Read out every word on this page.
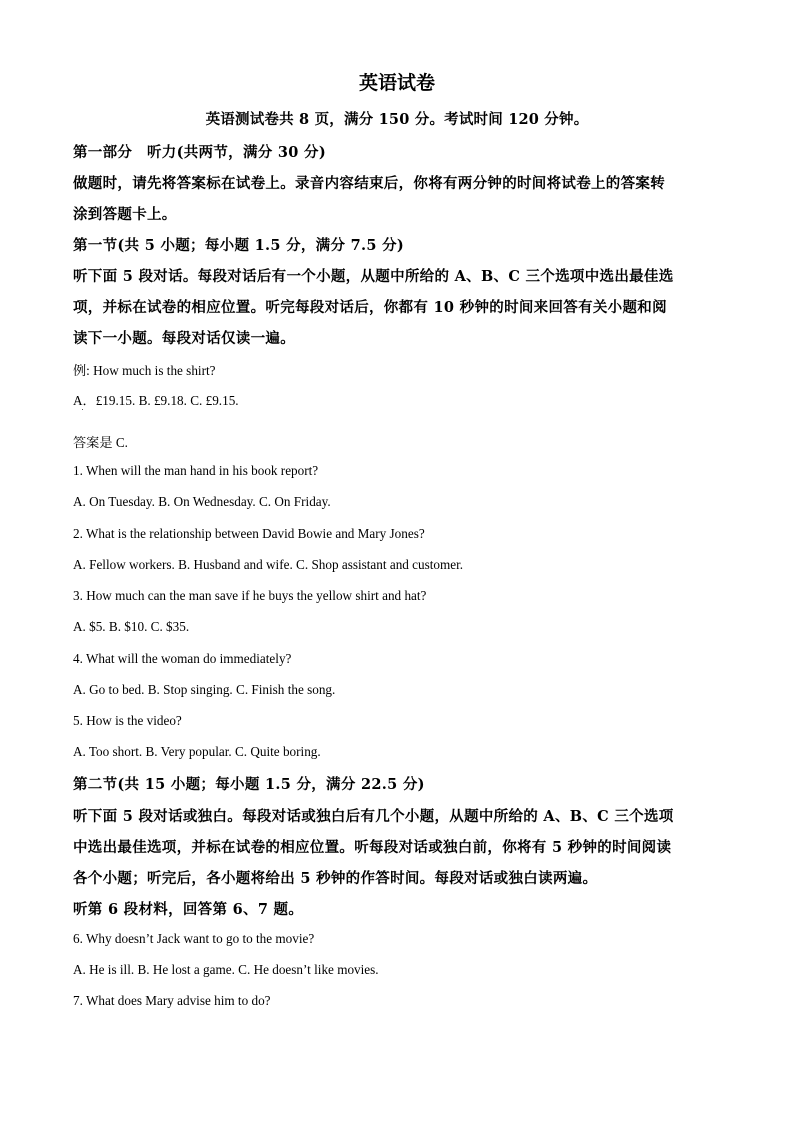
英语试卷
英语测试卷共 8 页，满分 150 分。考试时间 120 分钟。
第一部分　听力(共两节，满分 30 分)
做题时，请先将答案标在试卷上。录音内容结束后，你将有两分钟的时间将试卷上的答案转
涂到答题卡上。
第一节(共 5 小题；每小题 1.5 分，满分 7.5 分)
听下面 5 段对话。每段对话后有一个小题，从题中所给的 A、B、C 三个选项中选出最佳选
项，并标在试卷的相应位置。听完每段对话后，你都有 10 秒钟的时间来回答有关小题和阅
读下一小题。每段对话仅读一遍。
例: How much is the shirt?
A．£19.15. B. £9.18. C. £9.15.
答案是 C.
1. When will the man hand in his book report?
A. On Tuesday. B. On Wednesday. C. On Friday.
2. What is the relationship between David Bowie and Mary Jones?
A. Fellow workers. B. Husband and wife. C. Shop assistant and customer.
3. How much can the man save if he buys the yellow shirt and hat?
A. $5. B. $10. C. $35.
4. What will the woman do immediately?
A. Go to bed. B. Stop singing. C. Finish the song.
5. How is the video?
A. Too short. B. Very popular. C. Quite boring.
第二节(共 15 小题；每小题 1.5 分，满分 22.5 分)
听下面 5 段对话或独白。每段对话或独白后有几个小题，从题中所给的 A、B、C 三个选项
中选出最佳选项，并标在试卷的相应位置。听每段对话或独白前，你将有 5 秒钟的时间阅读
各个小题；听完后，各小题将给出 5 秒钟的作答时间。每段对话或独白读两遍。
听第 6 段材料，回答第 6、7 题。
6. Why doesn’t Jack want to go to the movie?
A. He is ill. B. He lost a game. C. He doesn’t like movies.
7. What does Mary advise him to do?
